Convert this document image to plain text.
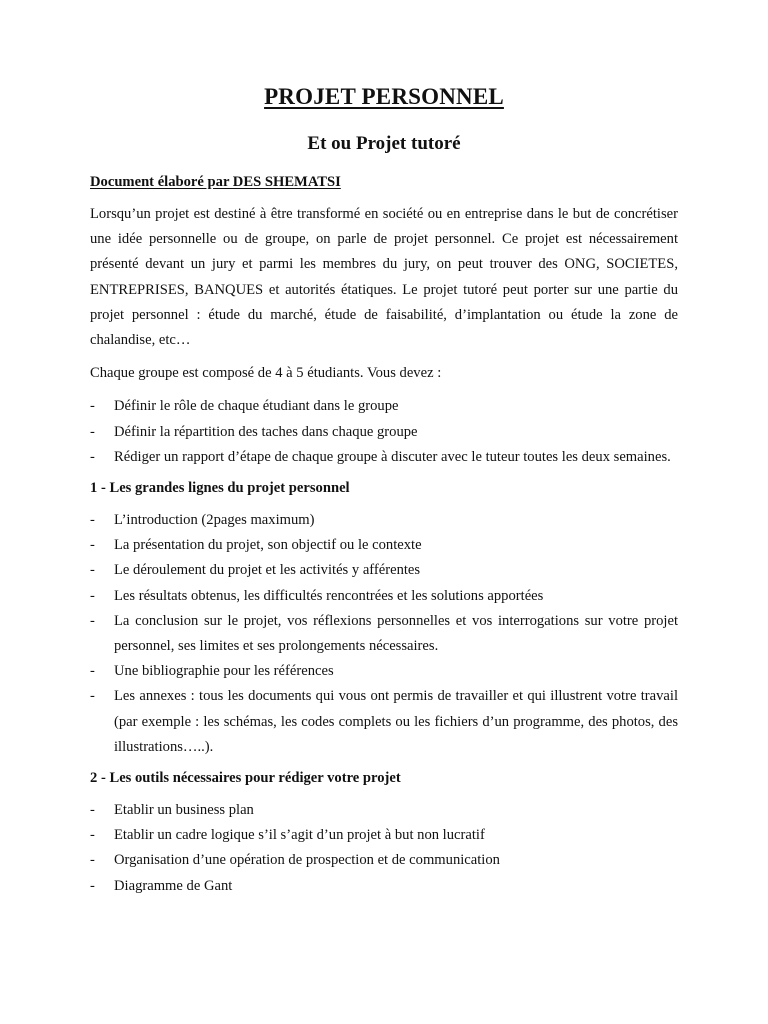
PROJET PERSONNEL
Et ou Projet tutoré

Document élaboré par DES SHEMATSI

Lorsqu’un projet est destiné à être transformé en société ou en entreprise dans le but de concrétiser une idée personnelle ou de groupe, on parle de projet personnel. Ce projet est nécessairement présenté devant un jury et parmi les membres du jury, on peut trouver des ONG, SOCIETES, ENTREPRISES, BANQUES et autorités étatiques. Le projet tutoré peut porter sur une partie du projet personnel : étude du marché, étude de faisabilité, d’implantation ou étude la zone de chalandise, etc…

Chaque groupe est composé de 4 à 5 étudiants. Vous devez :

- Définir le rôle de chaque étudiant dans le groupe
- Définir la répartition des taches dans chaque groupe
- Rédiger un rapport d’étape de chaque groupe à discuter avec le tuteur toutes les deux semaines.

1 - Les grandes lignes du projet personnel

- L’introduction (2pages maximum)
- La présentation du projet, son objectif ou le contexte
- Le déroulement du projet et les activités y afférentes
- Les résultats obtenus, les difficultés rencontrées et les solutions apportées
- La conclusion sur le projet, vos réflexions personnelles et vos interrogations sur votre projet personnel, ses limites et ses prolongements nécessaires.
- Une bibliographie pour les références
- Les annexes : tous les documents qui vous ont permis de travailler et qui illustrent votre travail (par exemple : les schémas, les codes complets ou les fichiers d’un programme, des photos, des illustrations…..).

2 - Les outils nécessaires pour rédiger votre projet

- Etablir un business plan
- Etablir un cadre logique s’il s’agit d’un projet à but non lucratif
- Organisation d’une opération de prospection et de communication
- Diagramme de Gant
